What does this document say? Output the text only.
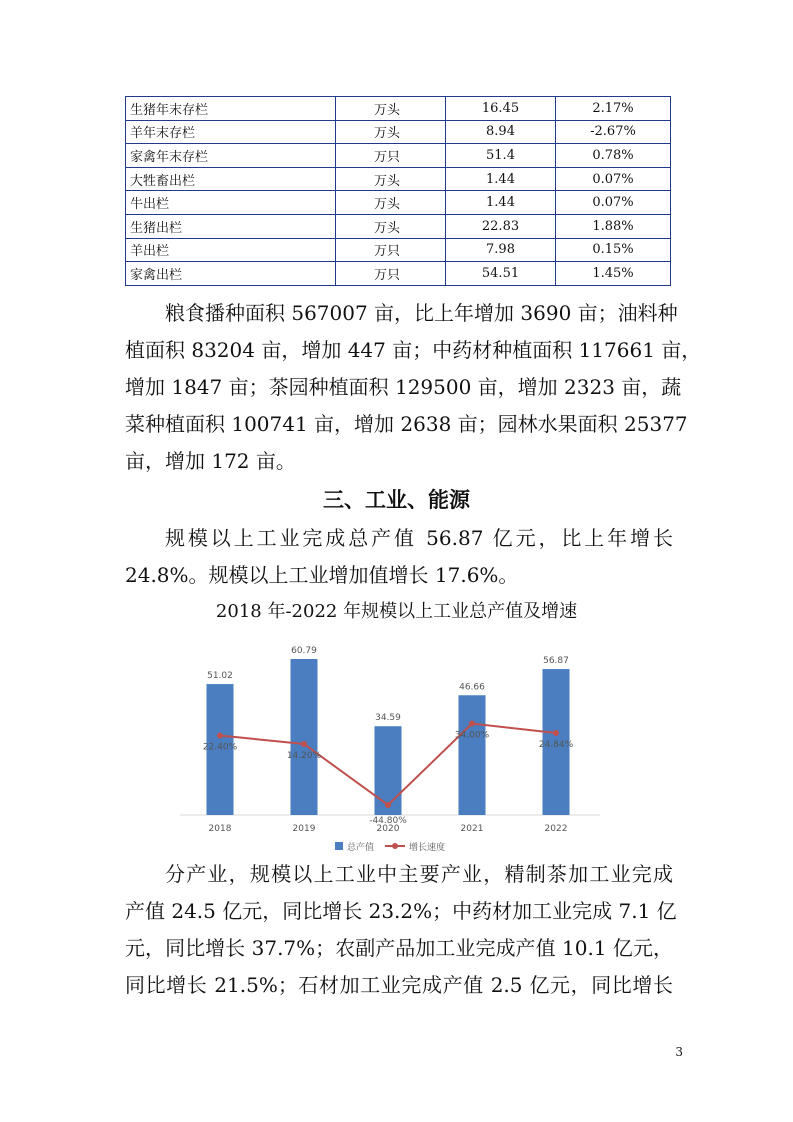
生猪年末存栏	万头	16.45	2.17%
羊年末存栏	万头	8.94	-2.67%
家禽年末存栏	万只	51.4	0.78%
大牲畜出栏	万头	1.44	0.07%
牛出栏	万头	1.44	0.07%
生猪出栏	万头	22.83	1.88%
羊出栏	万只	7.98	0.15%
家禽出栏	万只	54.51	1.45%
粮食播种面积 567007 亩，比上年增加 3690 亩；油料种
植面积 83204 亩，增加 447 亩；中药材种植面积 117661 亩，
增加 1847 亩；茶园种植面积 129500 亩，增加 2323 亩，蔬
菜种植面积 100741 亩，增加 2638 亩；园林水果面积 25377
亩，增加 172 亩。
三、工业、能源
规模以上工业完成总产值 56.87 亿元，比上年增长
24.8%。规模以上工业增加值增长 17.6%。

2018 年-2022 年规模以上工业总产值及增速

51.02
2018
60.79
2019
34.59
2020
46.66
2021
56.87
2022
22.40%
14.20%
-44.80%
34.00%
24.84%
总产值	增长速度
分产业，规模以上工业中主要产业，精制茶加工业完成
产值 24.5 亿元，同比增长 23.2%；中药材加工业完成 7.1 亿
元，同比增长 37.7%；农副产品加工业完成产值 10.1 亿元，
同比增长 21.5%；石材加工业完成产值 2.5 亿元，同比增长
3
